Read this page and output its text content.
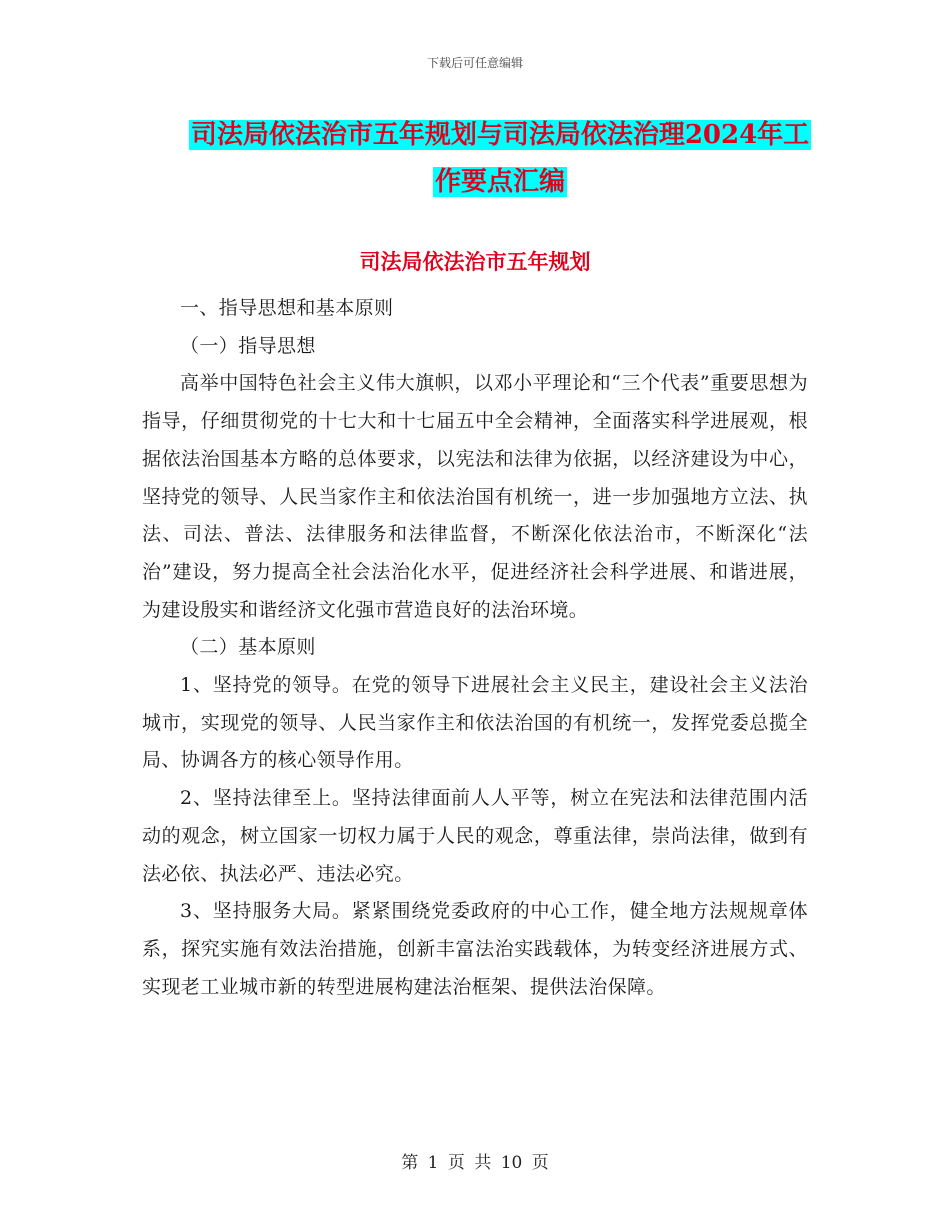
下载后可任意编辑
司法局依法治市五年规划与司法局依法治理2024年工
作要点汇编
司法局依法治市五年规划

一、指导思想和基本原则

（一）指导思想

高举中国特色社会主义伟大旗帜，以邓小平理论和“三个代表”重要思想为指导，仔细贯彻党的十七大和十七届五中全会精神，全面落实科学进展观，根据依法治国基本方略的总体要求，以宪法和法律为依据，以经济建设为中心，坚持党的领导、人民当家作主和依法治国有机统一，进一步加强地方立法、执法、司法、普法、法律服务和法律监督，不断深化依法治市，不断深化“法治”建设，努力提高全社会法治化水平，促进经济社会科学进展、和谐进展，为建设殷实和谐经济文化强市营造良好的法治环境。

（二）基本原则

1、坚持党的领导。在党的领导下进展社会主义民主，建设社会主义法治城市，实现党的领导、人民当家作主和依法治国的有机统一，发挥党委总揽全局、协调各方的核心领导作用。

2、坚持法律至上。坚持法律面前人人平等，树立在宪法和法律范围内活动的观念，树立国家一切权力属于人民的观念，尊重法律，崇尚法律，做到有法必依、执法必严、违法必究。

3、坚持服务大局。紧紧围绕党委政府的中心工作，健全地方法规规章体系，探究实施有效法治措施，创新丰富法治实践载体，为转变经济进展方式、实现老工业城市新的转型进展构建法治框架、提供法治保障。

第 1 页 共 10 页
